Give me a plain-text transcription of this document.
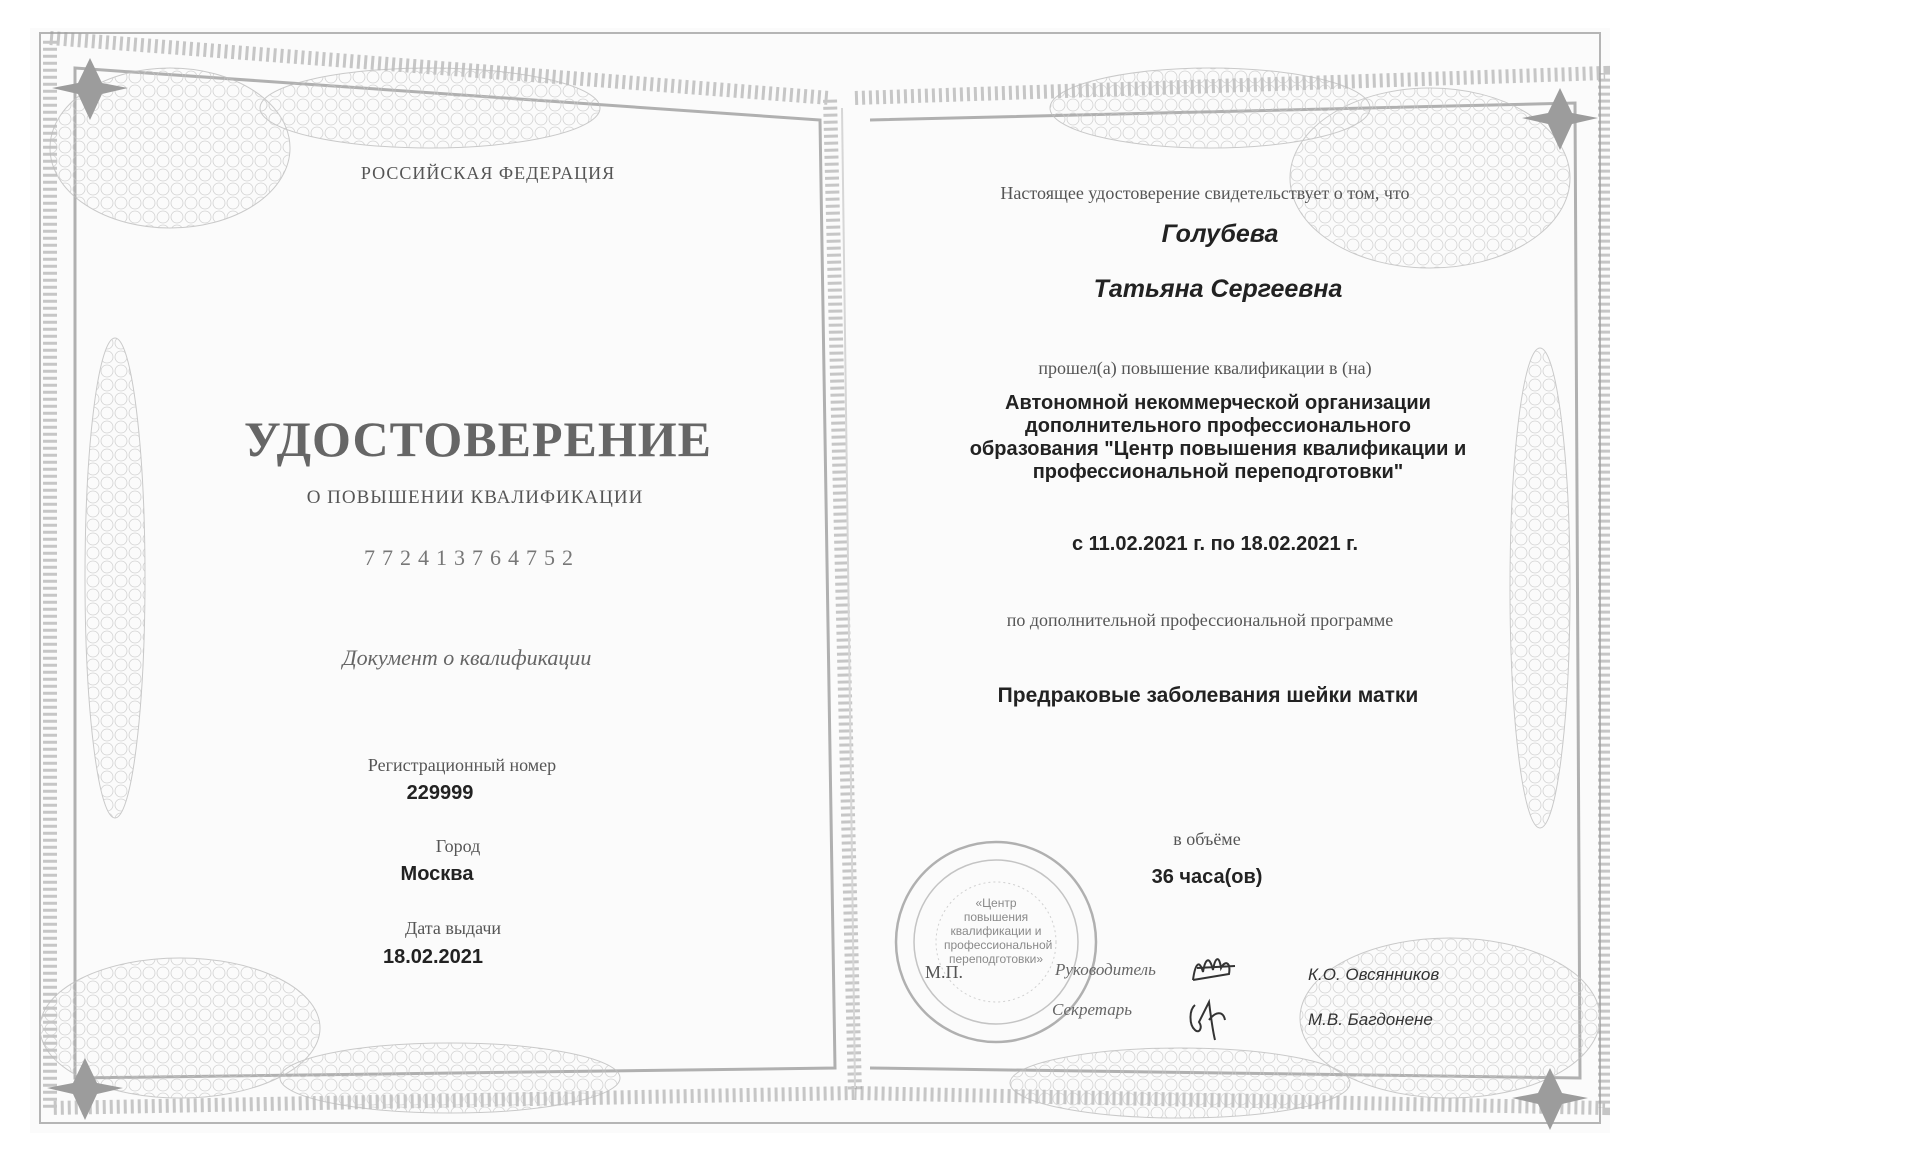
РОССИЙСКАЯ ФЕДЕРАЦИЯ
УДОСТОВЕРЕНИЕ
О ПОВЫШЕНИИ КВАЛИФИКАЦИИ
772413764752
Документ о квалификации
Регистрационный номер
229999
Город
Москва
Дата выдачи
18.02.2021
Настоящее удостоверение свидетельствует о том, что
Голубева
Татьяна Сергеевна
прошел(а) повышение квалификации в (на)
Автономной некоммерческой организации дополнительного профессионального образования "Центр повышения квалификации и профессиональной переподготовки"
с 11.02.2021 г. по 18.02.2021 г.
по дополнительной профессиональной программе
Предраковые заболевания шейки матки
в объёме
36 часа(ов)
«Центр повышения квалификации и профессиональной переподготовки»
М.П.	Руководитель
Секретарь
К.О. Овсянников
М.В. Багдонене
